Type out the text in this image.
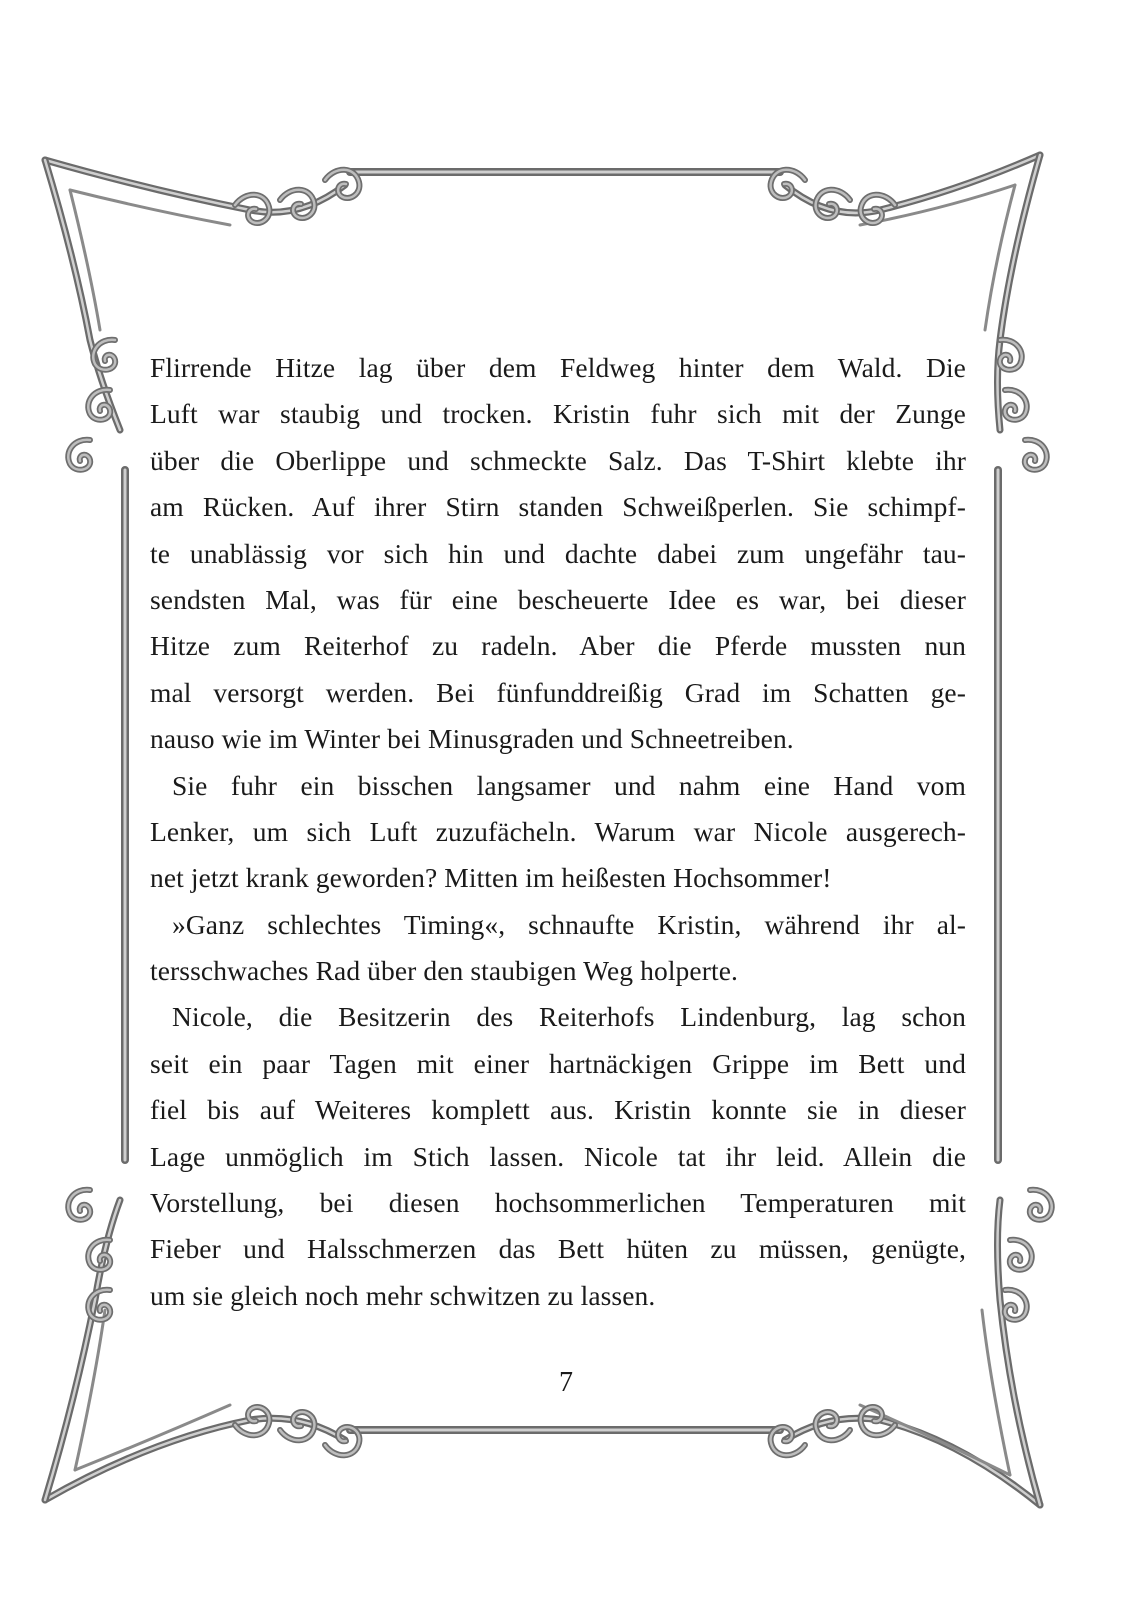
Flirrende Hitze lag über dem Feldweg hinter dem Wald. Die
Luft war staubig und trocken. Kristin fuhr sich mit der Zunge
über die Oberlippe und schmeckte Salz. Das T-Shirt klebte ihr
am Rücken. Auf ihrer Stirn standen Schweißperlen. Sie schimpf-
te unablässig vor sich hin und dachte dabei zum ungefähr tau-
sendsten Mal, was für eine bescheuerte Idee es war, bei dieser
Hitze zum Reiterhof zu radeln. Aber die Pferde mussten nun
mal versorgt werden. Bei fünfunddreißig Grad im Schatten ge-
nauso wie im Winter bei Minusgraden und Schneetreiben.
Sie fuhr ein bisschen langsamer und nahm eine Hand vom
Lenker, um sich Luft zuzufächeln. Warum war Nicole ausgerech-
net jetzt krank geworden? Mitten im heißesten Hochsommer!
»Ganz schlechtes Timing«, schnaufte Kristin, während ihr al-
tersschwaches Rad über den staubigen Weg holperte.
Nicole, die Besitzerin des Reiterhofs Lindenburg, lag schon
seit ein paar Tagen mit einer hartnäckigen Grippe im Bett und
fiel bis auf Weiteres komplett aus. Kristin konnte sie in dieser
Lage unmöglich im Stich lassen. Nicole tat ihr leid. Allein die
Vorstellung, bei diesen hochsommerlichen Temperaturen mit
Fieber und Halsschmerzen das Bett hüten zu müssen, genügte,
um sie gleich noch mehr schwitzen zu lassen.
7
